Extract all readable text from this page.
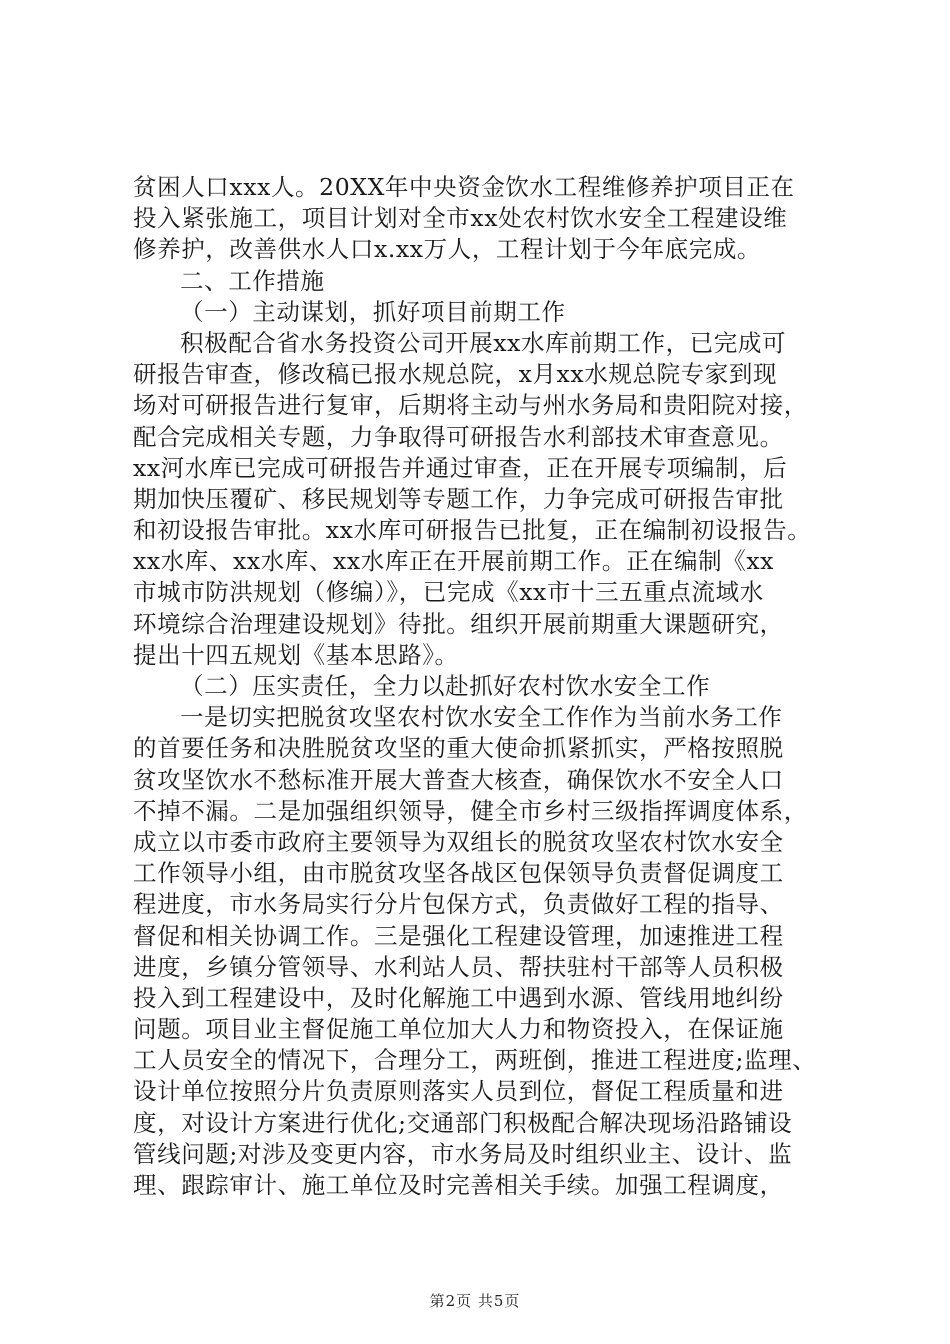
贫困人口xxx人。20XX年中央资金饮水工程维修养护项目正在
投入紧张施工，项目计划对全市xx处农村饮水安全工程建设维
修养护，改善供水人口x.xx万人，工程计划于今年底完成。
二、工作措施
（一）主动谋划，抓好项目前期工作
积极配合省水务投资公司开展xx水库前期工作，已完成可
研报告审查，修改稿已报水规总院，x月xx水规总院专家到现
场对可研报告进行复审，后期将主动与州水务局和贵阳院对接，
配合完成相关专题，力争取得可研报告水利部技术审查意见。
xx河水库已完成可研报告并通过审查，正在开展专项编制，后
期加快压覆矿、移民规划等专题工作，力争完成可研报告审批
和初设报告审批。xx水库可研报告已批复，正在编制初设报告。
xx水库、xx水库、xx水库正在开展前期工作。正在编制《xx
市城市防洪规划（修编）》，已完成《xx市十三五重点流域水
环境综合治理建设规划》待批。组织开展前期重大课题研究，
提出十四五规划《基本思路》。
（二）压实责任，全力以赴抓好农村饮水安全工作
一是切实把脱贫攻坚农村饮水安全工作作为当前水务工作
的首要任务和决胜脱贫攻坚的重大使命抓紧抓实，严格按照脱
贫攻坚饮水不愁标准开展大普查大核查，确保饮水不安全人口
不掉不漏。二是加强组织领导，健全市乡村三级指挥调度体系，
成立以市委市政府主要领导为双组长的脱贫攻坚农村饮水安全
工作领导小组，由市脱贫攻坚各战区包保领导负责督促调度工
程进度，市水务局实行分片包保方式，负责做好工程的指导、
督促和相关协调工作。三是强化工程建设管理，加速推进工程
进度，乡镇分管领导、水利站人员、帮扶驻村干部等人员积极
投入到工程建设中，及时化解施工中遇到水源、管线用地纠纷
问题。项目业主督促施工单位加大人力和物资投入，在保证施
工人员安全的情况下，合理分工，两班倒，推进工程进度;监理、
设计单位按照分片负责原则落实人员到位，督促工程质量和进
度，对设计方案进行优化;交通部门积极配合解决现场沿路铺设
管线问题;对涉及变更内容，市水务局及时组织业主、设计、监
理、跟踪审计、施工单位及时完善相关手续。加强工程调度，
第2页 共5页
